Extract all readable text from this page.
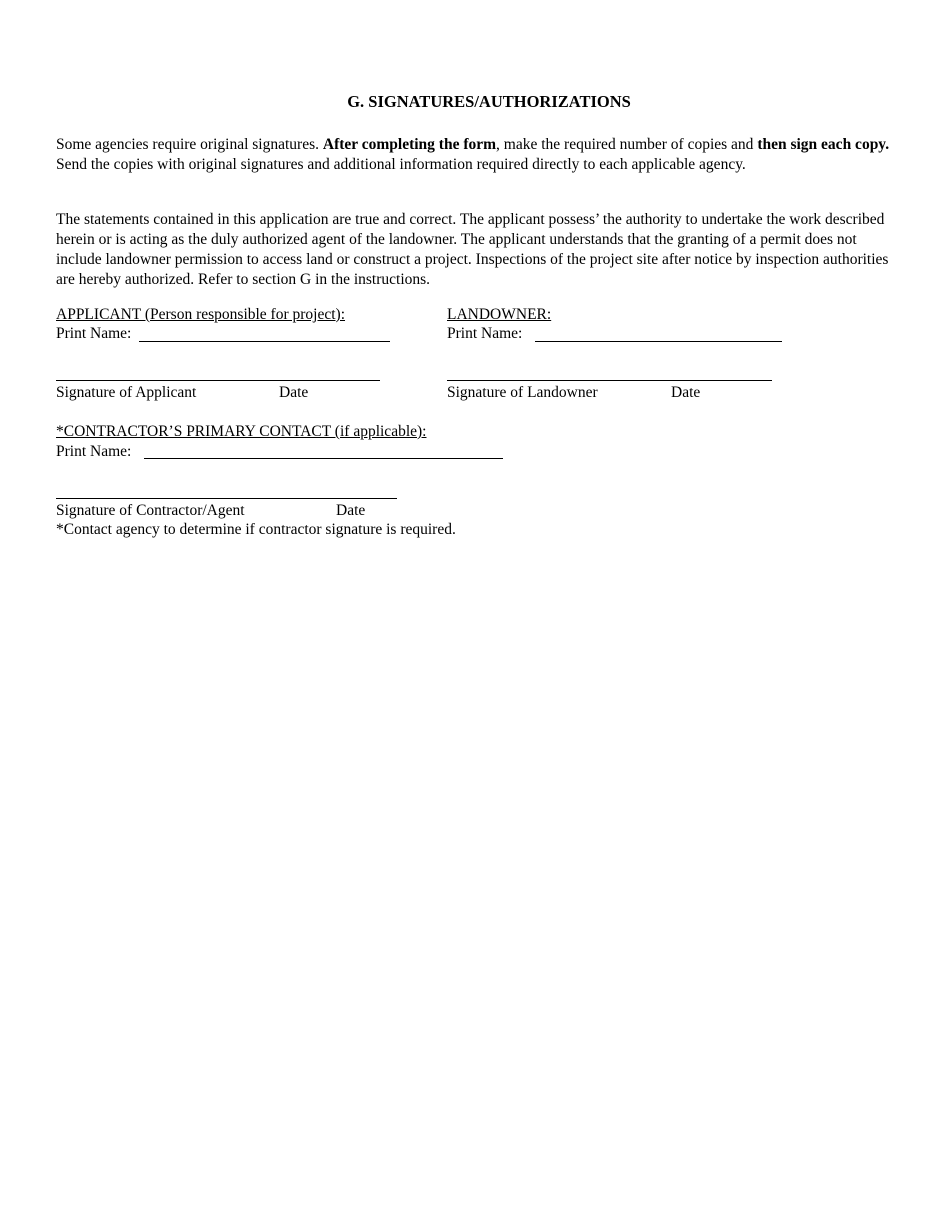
G. SIGNATURES/AUTHORIZATIONS

Some agencies require original signatures. After completing the form, make the required number of copies and then sign each copy. Send the copies with original signatures and additional information required directly to each applicable agency.

The statements contained in this application are true and correct. The applicant possess’ the authority to undertake the work described herein or is acting as the duly authorized agent of the landowner. The applicant understands that the granting of a permit does not include landowner permission to access land or construct a project. Inspections of the project site after notice by inspection authorities are hereby authorized. Refer to section G in the instructions.

APPLICANT (Person responsible for project):
Print Name:
Signature of Applicant	Date
LANDOWNER:
Print Name:
Signature of Landowner	Date
*CONTRACTOR’S PRIMARY CONTACT (if applicable):
Print Name:
Signature of Contractor/Agent	Date
*Contact agency to determine if contractor signature is required.
